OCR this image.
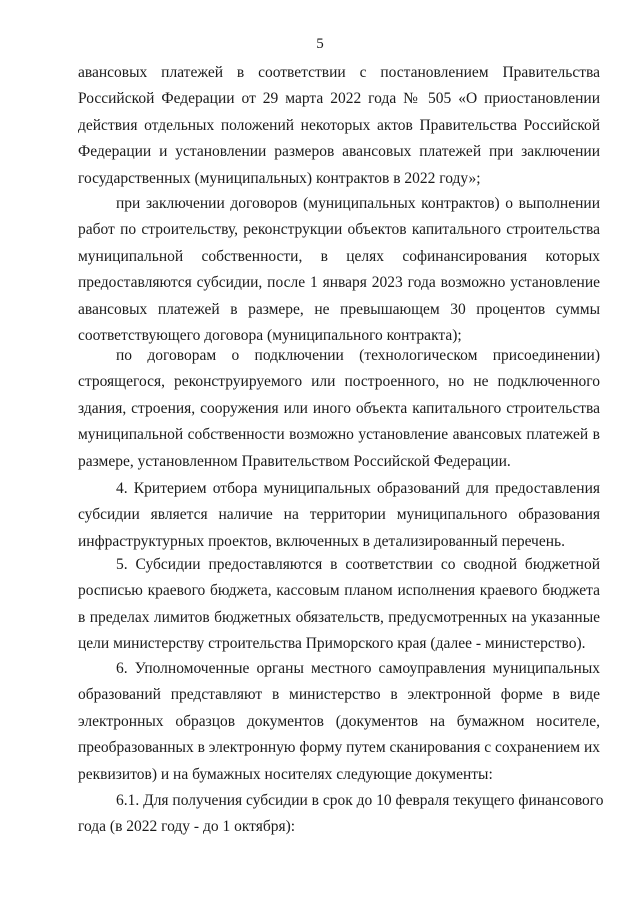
5
авансовых платежей в соответствии с постановлением Правительства
Российской Федерации от 29 марта 2022 года № 505 «О приостановлении
действия отдельных положений некоторых актов Правительства Российской
Федерации и установлении размеров авансовых платежей при заключении
государственных (муниципальных) контрактов в 2022 году»;
при заключении договоров (муниципальных контрактов) о выполнении
работ по строительству, реконструкции объектов капитального строительства
муниципальной собственности, в целях софинансирования которых
предоставляются субсидии, после 1 января 2023 года возможно установление
авансовых платежей в размере, не превышающем 30 процентов суммы
соответствующего договора (муниципального контракта);
по договорам о подключении (технологическом присоединении)
строящегося, реконструируемого или построенного, но не подключенного
здания, строения, сооружения или иного объекта капитального строительства
муниципальной собственности возможно установление авансовых платежей в
размере, установленном Правительством Российской Федерации.
4. Критерием отбора муниципальных образований для предоставления
субсидии является наличие на территории муниципального образования
инфраструктурных проектов, включенных в детализированный перечень.
5. Субсидии предоставляются в соответствии со сводной бюджетной
росписью краевого бюджета, кассовым планом исполнения краевого бюджета
в пределах лимитов бюджетных обязательств, предусмотренных на указанные
цели министерству строительства Приморского края (далее - министерство).
6. Уполномоченные органы местного самоуправления муниципальных
образований представляют в министерство в электронной форме в виде
электронных образцов документов (документов на бумажном носителе,
преобразованных в электронную форму путем сканирования с сохранением их
реквизитов) и на бумажных носителях следующие документы:
6.1. Для получения субсидии в срок до 10 февраля текущего финансового
года (в 2022 году - до 1 октября):
